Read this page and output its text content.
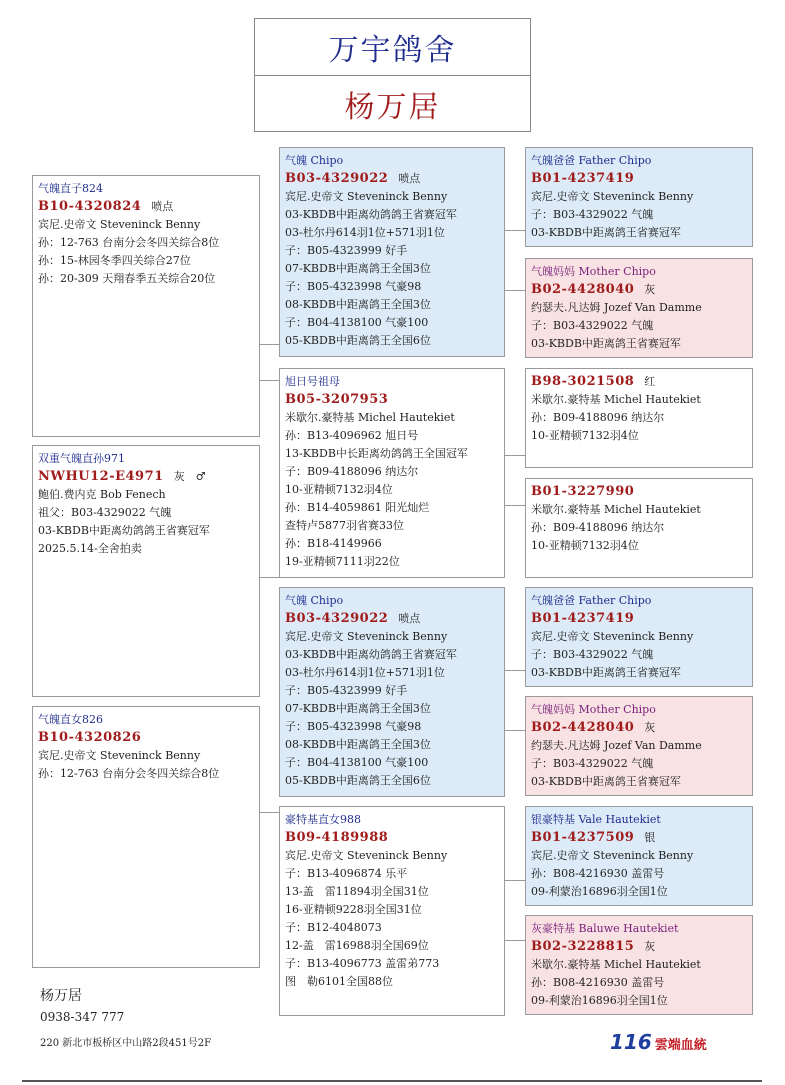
万宇鸽舍
杨万居
气魄直子824
B10-4320824 喷点
宾尼.史帝文 Steveninck Benny
孙：12-763 台南分会冬四关综合8位
孙：15-林园冬季四关综合27位
孙：20-309 天翔春季五关综合20位
双重气魄直孙971
NWHU12-E4971 灰　♂
鲍伯.费内克 Bob Fenech
祖父：B03-4329022 气魄
03-KBDB中距离幼鸽鸽王省赛冠军
2025.5.14-全舍拍卖
气魄直女826
B10-4320826
宾尼.史帝文 Steveninck Benny
孙：12-763 台南分会冬四关综合8位
气魄 Chipo
B03-4329022 喷点
宾尼.史帝文 Steveninck Benny
03-KBDB中距离幼鸽鸽王省赛冠军
03-杜尔丹614羽1位+571羽1位
子：B05-4323999 好手
07-KBDB中距离鸽王全国3位
子：B05-4323998 气豪98
08-KBDB中距离鸽王全国3位
子：B04-4138100 气豪100
05-KBDB中距离鸽王全国6位
旭日号祖母
B05-3207953
米歇尔.豪特基 Michel Hautekiet
孙：B13-4096962 旭日号
13-KBDB中长距离幼鸽鸽王全国冠军
子：B09-4188096 纳达尔
10-亚精顿7132羽4位
孙：B14-4059861 阳光灿烂
查特卢5877羽省赛33位
孙：B18-4149966
19-亚精顿7111羽22位
气魄 Chipo
B03-4329022 喷点
宾尼.史帝文 Steveninck Benny
03-KBDB中距离幼鸽鸽王省赛冠军
03-杜尔丹614羽1位+571羽1位
子：B05-4323999 好手
07-KBDB中距离鸽王全国3位
子：B05-4323998 气豪98
08-KBDB中距离鸽王全国3位
子：B04-4138100 气豪100
05-KBDB中距离鸽王全国6位
豪特基直女988
B09-4189988
宾尼.史帝文 Steveninck Benny
子：B13-4096874 乐平
13-盖　雷11894羽全国31位
16-亚精顿9228羽全国31位
子：B12-4048073
12-盖　雷16988羽全国69位
子：B13-4096773 盖雷弟773
图　勒6101全国88位
气魄爸爸 Father Chipo
B01-4237419
宾尼.史帝文 Steveninck Benny
子：B03-4329022 气魄
03-KBDB中距离鸽王省赛冠军
气魄妈妈 Mother Chipo
B02-4428040 灰
约瑟夫.凡达姆 Jozef Van Damme
子：B03-4329022 气魄
03-KBDB中距离鸽王省赛冠军
B98-3021508 红
米歇尔.豪特基 Michel Hautekiet
孙：B09-4188096 纳达尔
10-亚精顿7132羽4位
B01-3227990
米歇尔.豪特基 Michel Hautekiet
孙：B09-4188096 纳达尔
10-亚精顿7132羽4位
气魄爸爸 Father Chipo
B01-4237419
宾尼.史帝文 Steveninck Benny
子：B03-4329022 气魄
03-KBDB中距离鸽王省赛冠军
气魄妈妈 Mother Chipo
B02-4428040 灰
约瑟夫.凡达姆 Jozef Van Damme
子：B03-4329022 气魄
03-KBDB中距离鸽王省赛冠军
银豪特基 Vale Hautekiet
B01-4237509 银
宾尼.史帝文 Steveninck Benny
孙：B08-4216930 盖雷号
09-利蒙治16896羽全国1位
灰豪特基 Baluwe Hautekiet
B02-3228815 灰
米歇尔.豪特基 Michel Hautekiet
孙：B08-4216930 盖雷号
09-利蒙治16896羽全国1位
杨万居
0938-347 777
220 新北市板桥区中山路2段451号2F	116 雲端血統
